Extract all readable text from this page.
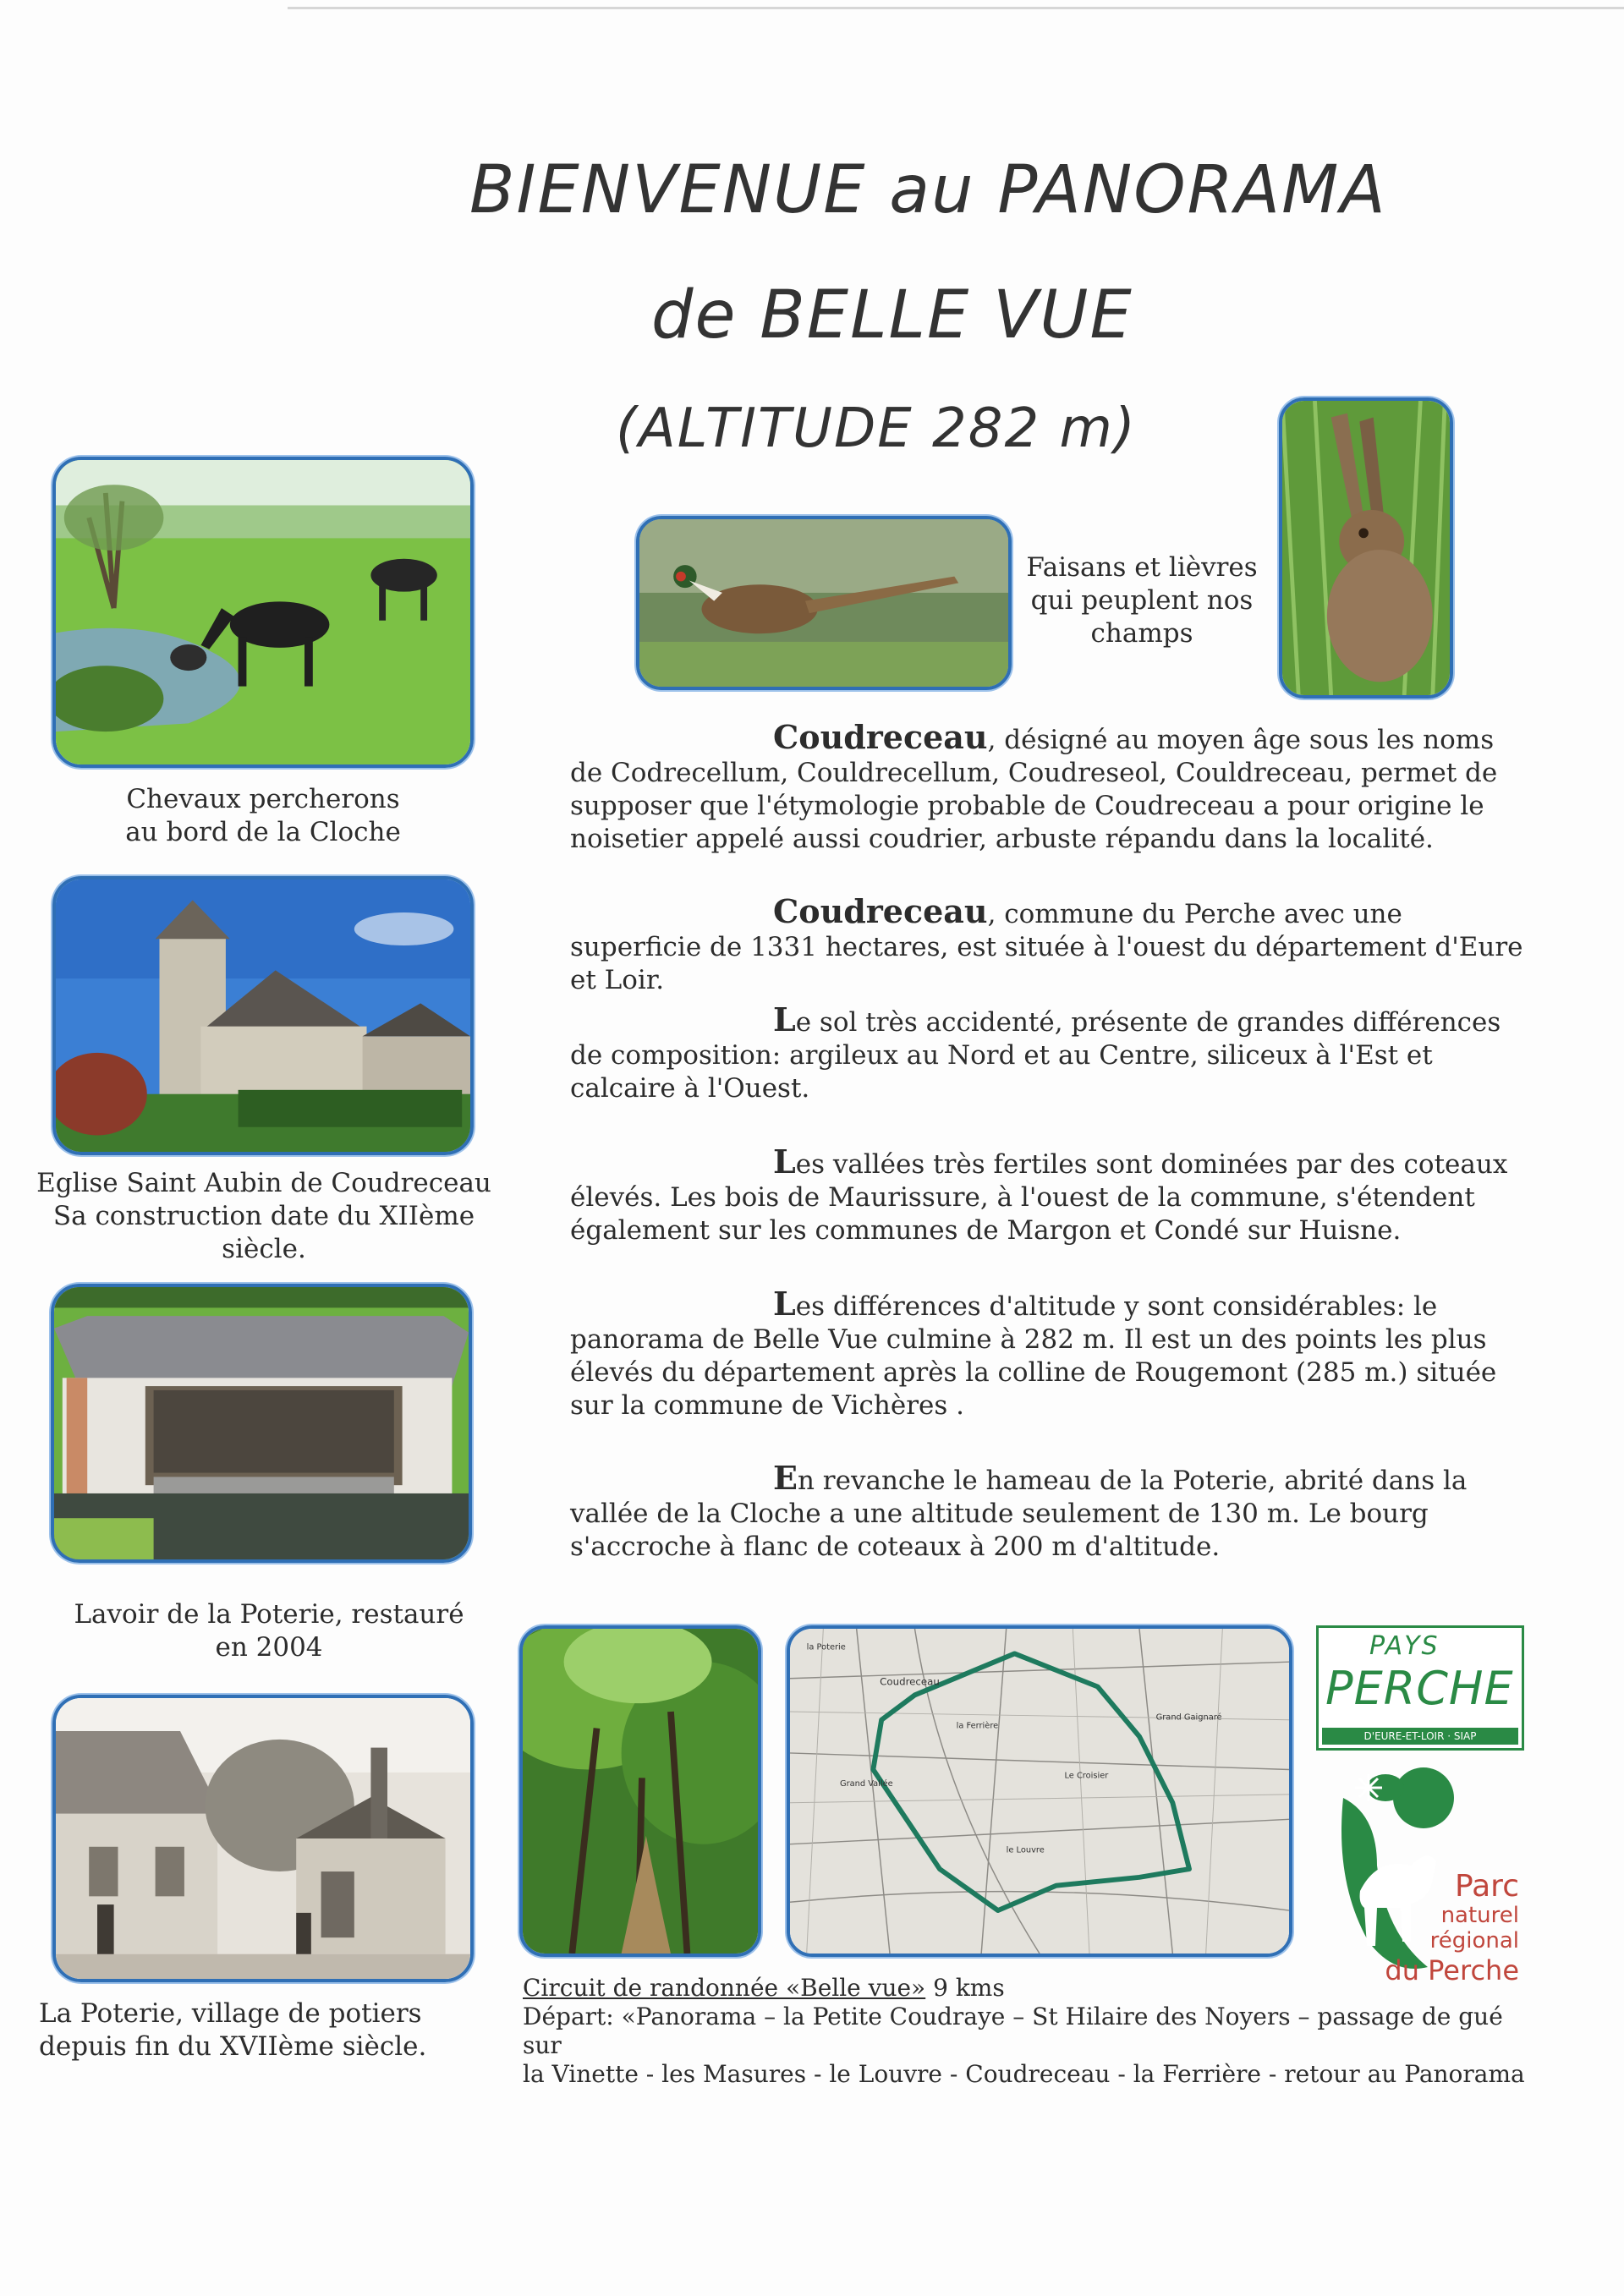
BIENVENUE au PANORAMA
de BELLE VUE
(ALTITUDE 282 m)
Chevaux percherons
au bord de la Cloche
Eglise Saint Aubin de Coudreceau
Sa construction date du XIIème
siècle.
Lavoir de la Poterie, restauré
en 2004
La Poterie, village de potiers
depuis fin du XVIIème siècle.
Faisans et lièvres
qui peuplent nos
champs
Coudreceau, désigné au moyen âge sous les noms de Codrecellum, Couldrecellum, Coudreseol, Couldreceau, permet de supposer que l'étymologie probable de Coudreceau a pour origine le noisetier appelé aussi coudrier, arbuste répandu dans la localité.
Coudreceau, commune du Perche avec une superficie de 1331 hectares, est située à l'ouest du département d'Eure et Loir.
Le sol très accidenté, présente de grandes différences de composition: argileux au Nord et au Centre, siliceux à l'Est et calcaire à l'Ouest.
Les vallées très fertiles sont dominées par des coteaux élevés. Les bois de Maurissure, à l'ouest de la commune, s'étendent également sur les communes de Margon et Condé sur Huisne.
Les différences d'altitude y sont considérables: le panorama de Belle Vue culmine à 282 m. Il est un des points les plus élevés du département après la colline de Rougemont (285 m.) située sur la commune de Vichères .
En revanche le hameau de la Poterie, abrité dans la vallée de la Cloche a une altitude seulement de 130 m. Le bourg s'accroche à flanc de coteaux à 200 m d'altitude.
Coudreceau
Grand Vallée
la Ferrière
Grand Gaignaré
Le Croisier
le Louvre
la Poterie
Circuit de randonnée «Belle vue» 9 kms
Départ: «Panorama – la Petite Coudraye – St Hilaire des Noyers – passage de gué sur
la Vinette - les Masures - le Louvre - Coudreceau - la Ferrière - retour au Panorama
PAYS
PERCHE
D'EURE-ET-LOIR · SIAP
Parc
naturel
régional
du Perche
